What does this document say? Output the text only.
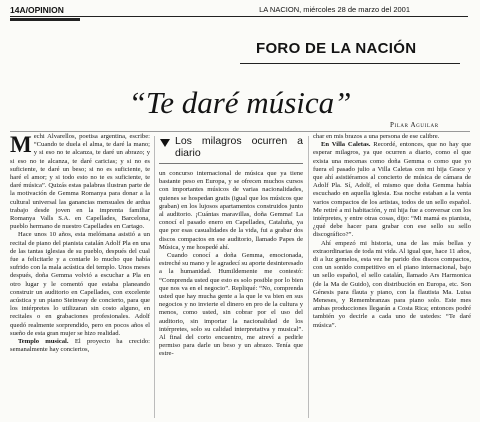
14A/OPINION	LA NACION, miércoles 28 de marzo del 2001
FORO DE LA NACIÓN
“Te daré música”
Pilar Aguilar

Mechi Alvarellos, poetisa argentina, escribe: “Cuando te duela el alma, te daré la mano; y si eso no te alcanza, te daré un abrazo; y si eso no te alcanza, te daré caricias; y si no es suficiente, te daré un beso; si no es suficiente, te haré el amor; y si todo esto no te es suficiente, te daré música”. Quizás estas palabras ilustran parte de la motivación de Gemma Romanya para donar a la cultural universal las ganancias mensuales de ardua trabajo desde joven en la imprenta familiar Romanya Valls S.A. en Capellades, Barcelona, pueblo hermano de nuestro Capellades en Cartago.

Hace unos 10 años, esta melómana asistió a un recital de piano del pianista catalán Adolf Pla en una de las tantas iglesias de su pueblo, después del cual fue a felicitarle y a contarle lo mucho que había sufrido con la mala acústica del templo. Unos meses después, doña Gemma volvió a escuchar a Pla en otro lugar y le comentó que estaba planeando construir un auditorio en Capellades, con excelente acústica y un piano Steinway de concierto, para que los intérpretes lo utilizaran sin costo alguno, en recitales o en grabaciones profesionales. Adolf quedó realmente sorprendido, pero en pocos años el sueño de esta gran mujer se hizo realidad.

Templo musical. El proyecto ha crecido: semanalmente hay conciertos,

Los milagros ocurren a diario

un concurso internacional de música que ya tiene bastante peso en Europa, y se ofrecen muchos cursos con importantes músicos de varias nacionalidades, quienes se hospedan gratis (igual que los músicos que graban) en los lujosos apartamentos construidos junto al auditorio. ¡Cuántas maravillas, doña Gemma! La conocí el pasado enero en Capellades, Cataluña, ya que por esas casualidades de la vida, fui a grabar dos discos compactos en ese auditorio, llamado Papes de Música, y me hospedé ahí.

Cuando conocí a doña Gemma, emocionada, estreché su mano y le agradecí su aporte desinteresado a la humanidad. Humildemente me contestó: “Comprenda usted que esto es solo posible por lo bien que nos va en el negocio”. Repliqué: “No, comprenda usted que hay mucha gente a la que le va bien en sus negocios y no invierte el dinero en pro de la cultura y menos, como usted, sin cobrar por el uso del auditorio, sin importar la nacionalidad de los intérpretes, solo su calidad interpretativa y musical”. Al final del corto encuentro, me atreví a pedirle permiso para darle un beso y un abrazo. Tenía que estre-

char en mis brazos a una persona de ese calibre.

En Villa Caletas. Recordé, entonces, que no hay que esperar milagros, ya que ocurren a diario, como el que exista una mecenas como doña Gemma o como que yo fuera el pasado julio a Villa Caletas con mi hija Grace y que ahí asistiéramos al concierto de música de cámara de Adolf Pla. Sí, Adolf, el mismo que doña Gemma había escuchado en aquella iglesia. Esa noche estaban a la venta varios compactos de los artistas, todos de un sello español. Me retiré a mi habitación, y mi hija fue a conversar con los intérpretes, y entre otras cosas, dijo: “Mi mamá es pianista, ¿qué debe hacer para grabar con ese sello su sello discográfico?”.

Ahí empezó mi historia, una de las más bellas y extraordinarias de toda mi vida. Al igual que, hace 11 años, di a luz gemelos, esta vez he parido dos discos compactos, con un sonido competitivo en el piano internacional, bajo un sello español, el sello catalán, llamado Ars Harmonica (de la Ma de Guido), con distribución en Europa, etc. Son Génesis para flauta y piano, con la flautista Ma. Luisa Meneses, y Remembranzas para piano solo. Este mes ambas producciones llegarán a Costa Rica; entonces podré también yo decirle a cada uno de ustedes: “Te daré música”.
